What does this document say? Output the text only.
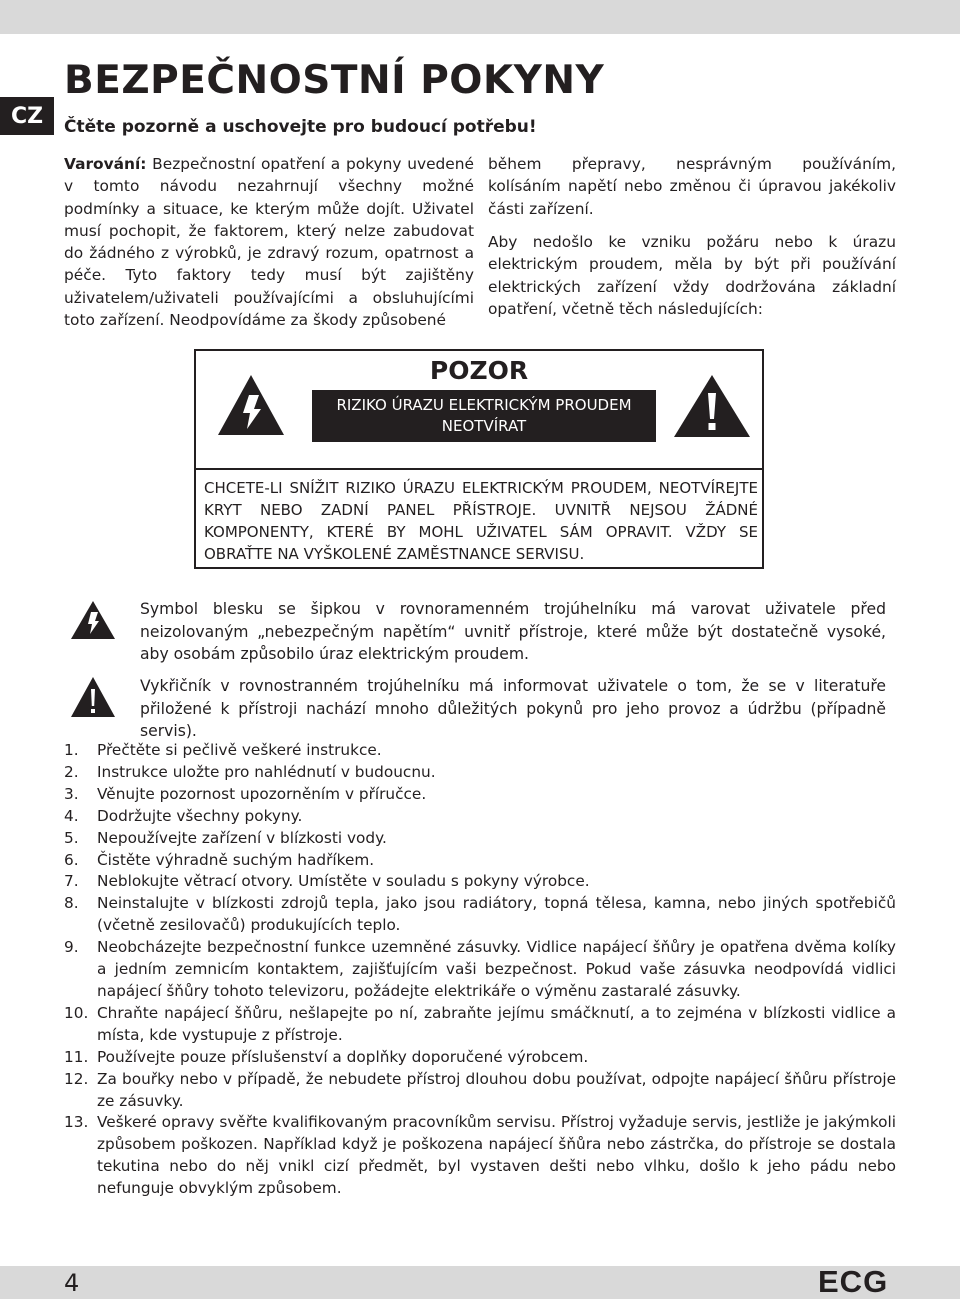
CZ
BEZPEČNOSTNÍ POKYNY

Čtěte pozorně a uschovejte pro budoucí potřebu!

Varování: Bezpečnostní opatření a pokyny uvedené v tomto návodu nezahrnují všechny možné podmínky a situace, ke kterým může dojít. Uživatel musí pochopit, že faktorem, který nelze zabudovat do žádného z výrobků, je zdravý rozum, opatrnost a péče. Tyto faktory tedy musí být zajištěny uživatelem/uživateli používajícími a obsluhujícími toto zařízení. Neodpovídáme za škody způsobené

během přepravy, nesprávným používáním, kolísáním napětí nebo změnou či úpravou jakékoliv části zařízení.

Aby nedošlo ke vzniku požáru nebo k úrazu elektrickým proudem, měla by být při používání elektrických zařízení vždy dodržována základní opatření, včetně těch následujících:

POZOR
RIZIKO ÚRAZU ELEKTRICKÝM PROUDEM
NEOTVÍRAT

CHCETE-LI SNÍŽIT RIZIKO ÚRAZU ELEKTRICKÝM PROUDEM, NEOTVÍREJTE KRYT NEBO ZADNÍ PANEL PŘÍSTROJE. UVNITŘ NEJSOU ŽÁDNÉ KOMPONENTY, KTERÉ BY MOHL UŽIVATEL SÁM OPRAVIT. VŽDY SE OBRAŤTE NA VYŠKOLENÉ ZAMĚSTNANCE SERVISU.

Symbol blesku se šipkou v rovnoramenném trojúhelníku má varovat uživatele před neizolovaným „nebezpečným napětím“ uvnitř přístroje, které může být dostatečně vysoké, aby osobám způsobilo úraz elektrickým proudem.

Vykřičník v rovnostranném trojúhelníku má informovat uživatele o tom, že se v literatuře přiložené k přístroji nachází mnoho důležitých pokynů pro jeho provoz a údržbu (případně servis).

1. Přečtěte si pečlivě veškeré instrukce.
2. Instrukce uložte pro nahlédnutí v budoucnu.
3. Věnujte pozornost upozorněním v příručce.
4. Dodržujte všechny pokyny.
5. Nepoužívejte zařízení v blízkosti vody.
6. Čistěte výhradně suchým hadříkem.
7. Neblokujte větrací otvory. Umístěte v souladu s pokyny výrobce.
8. Neinstalujte v blízkosti zdrojů tepla, jako jsou radiátory, topná tělesa, kamna, nebo jiných spotřebičů (včetně zesilovačů) produkujících teplo.
9. Neobcházejte bezpečnostní funkce uzemněné zásuvky. Vidlice napájecí šňůry je opatřena dvěma kolíky a jedním zemnicím kontaktem, zajišťujícím vaši bezpečnost. Pokud vaše zásuvka neodpovídá vidlici napájecí šňůry tohoto televizoru, požádejte elektrikáře o výměnu zastaralé zásuvky.
10. Chraňte napájecí šňůru, nešlapejte po ní, zabraňte jejímu smáčknutí, a to zejména v blízkosti vidlice a místa, kde vystupuje z přístroje.
11. Používejte pouze příslušenství a doplňky doporučené výrobcem.
12. Za bouřky nebo v případě, že nebudete přístroj dlouhou dobu používat, odpojte napájecí šňůru přístroje ze zásuvky.
13. Veškeré opravy svěřte kvalifikovaným pracovníkům servisu. Přístroj vyžaduje servis, jestliže je jakýmkoli způsobem poškozen. Například když je poškozena napájecí šňůra nebo zástrčka, do přístroje se dostala tekutina nebo do něj vnikl cizí předmět, byl vystaven dešti nebo vlhku, došlo k jeho pádu nebo nefunguje obvyklým způsobem.
4	ECG
